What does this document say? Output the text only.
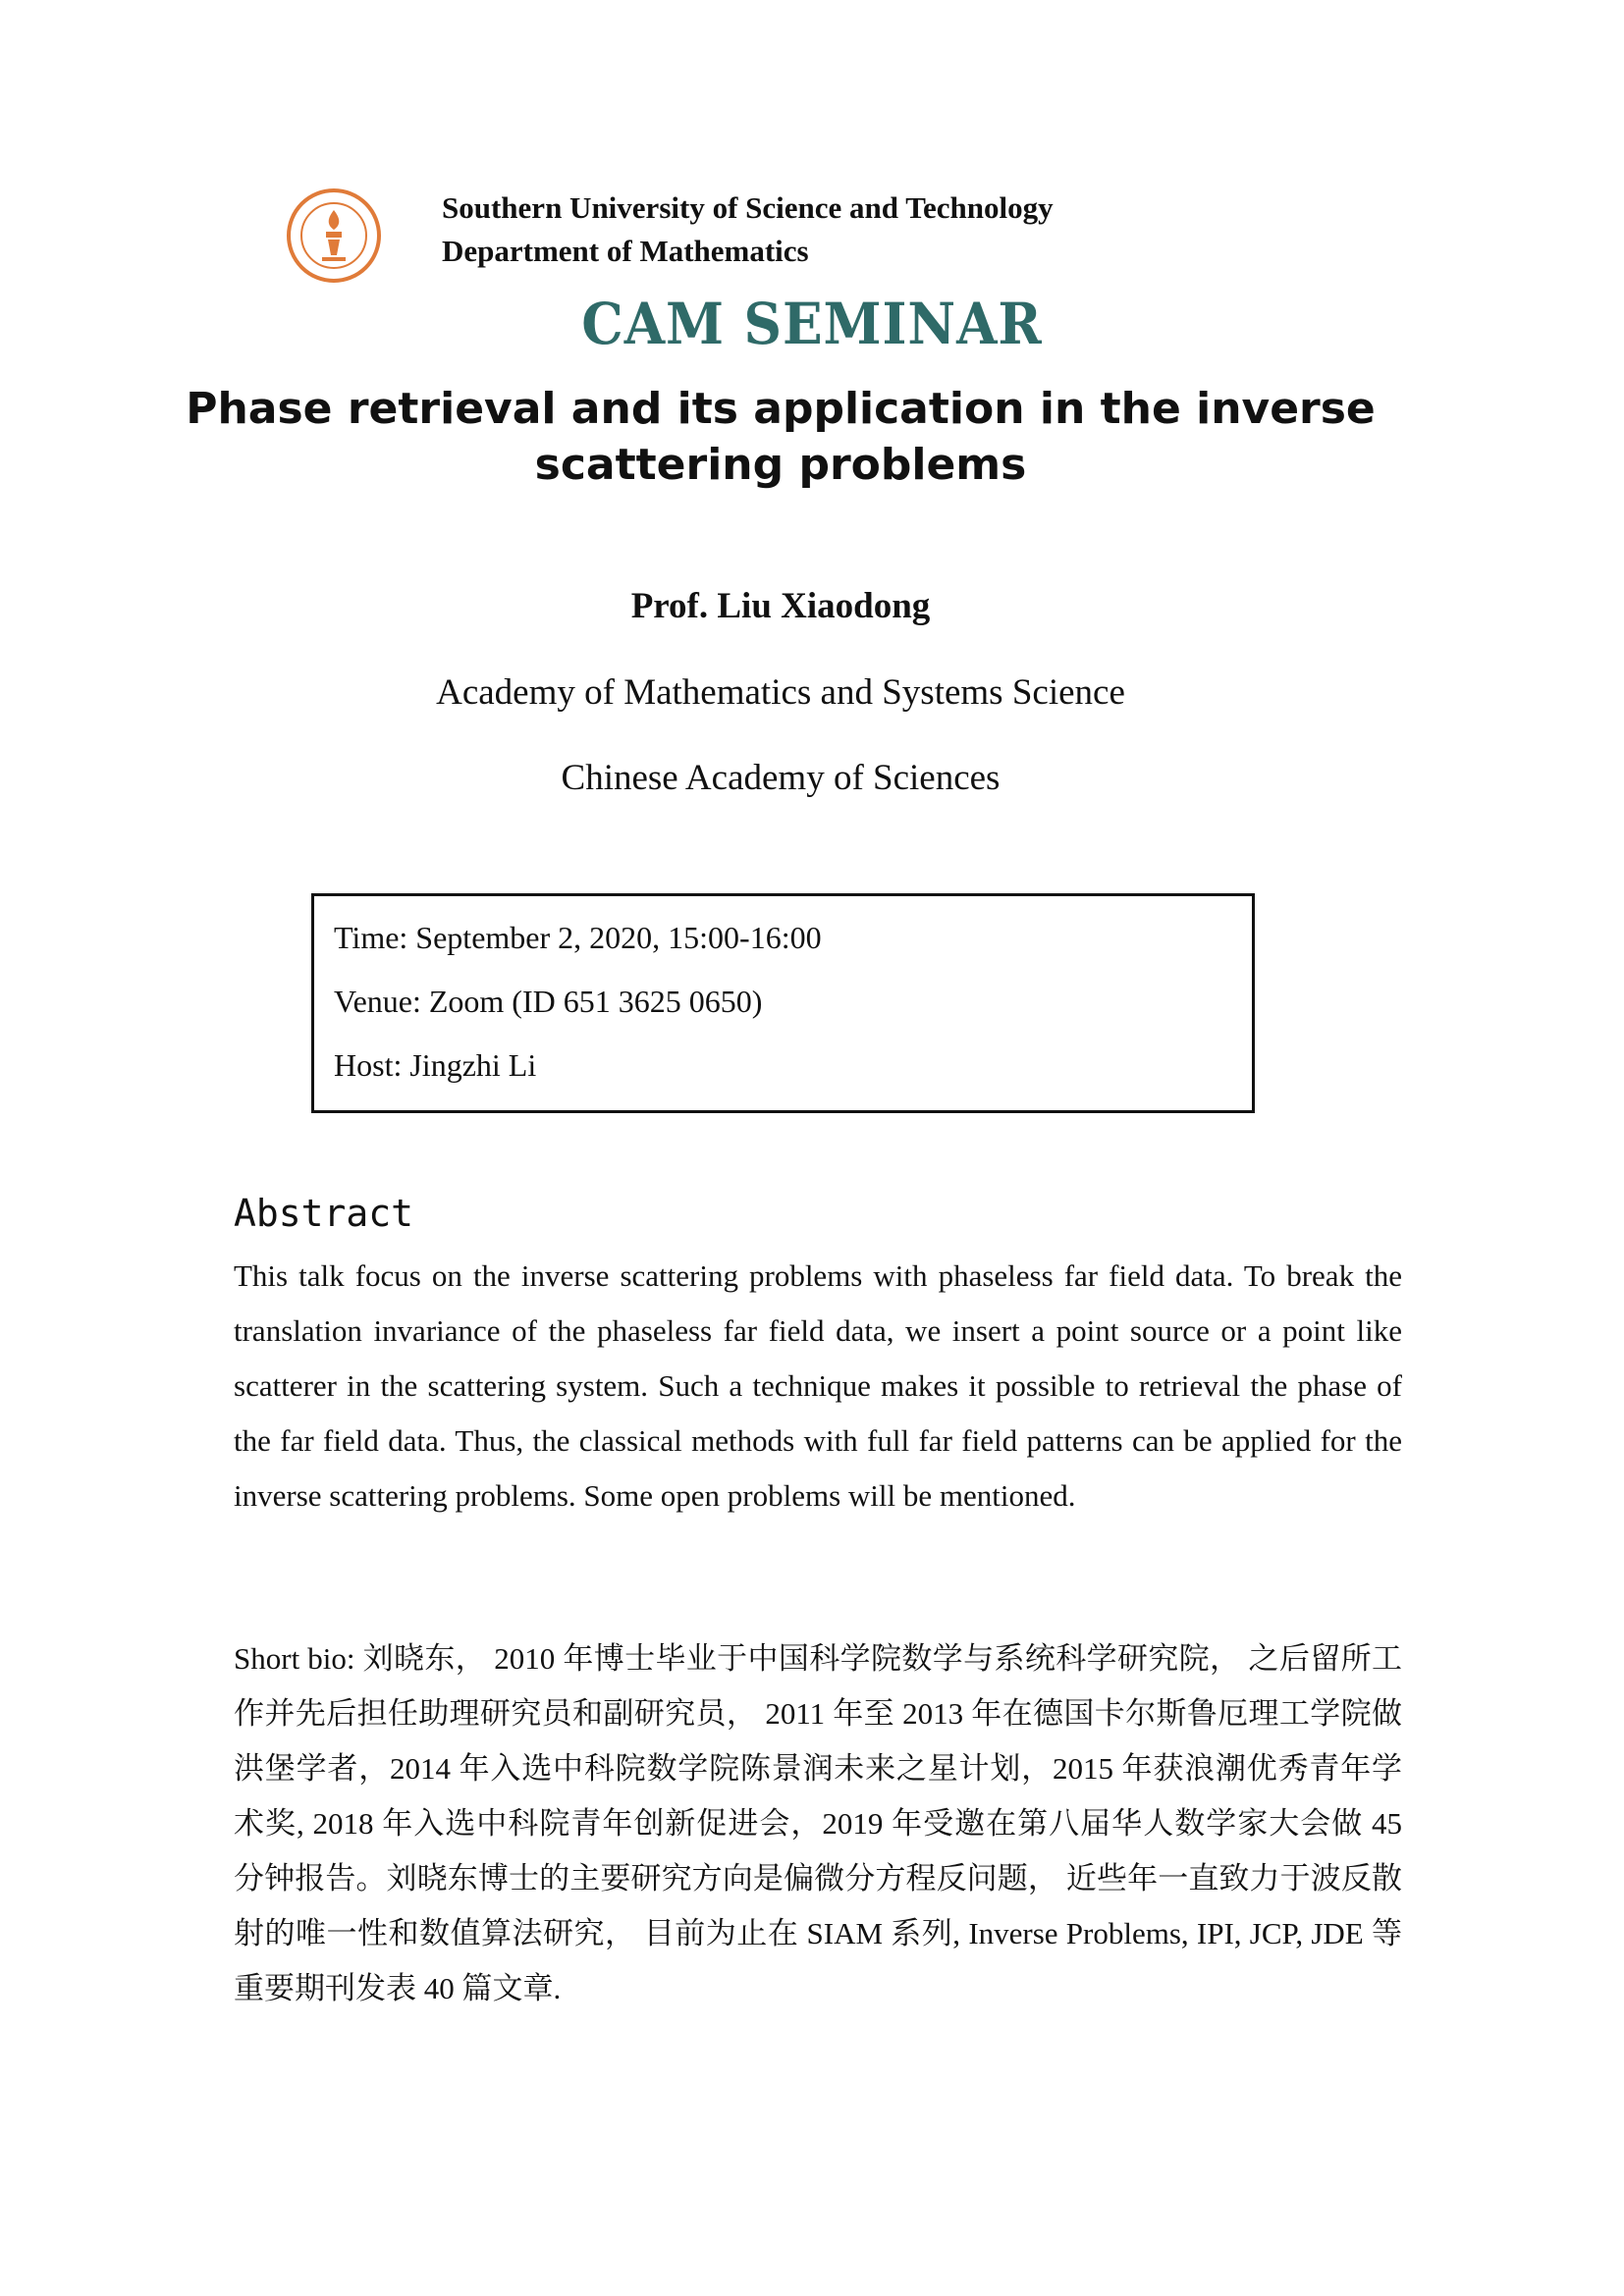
Southern University of Science and Technology
Department of Mathematics
CAM SEMINAR
Phase retrieval and its application in the inverse scattering problems
Prof. Liu Xiaodong
Academy of Mathematics and Systems Science
Chinese Academy of Sciences
Time: September 2, 2020, 15:00-16:00
Venue: Zoom (ID 651 3625 0650)
Host: Jingzhi Li
Abstract
This talk focus on the inverse scattering problems with phaseless far field data. To break the translation invariance of the phaseless far field data, we insert a point source or a point like scatterer in the scattering system. Such a technique makes it possible to retrieval the phase of the far field data. Thus, the classical methods with full far field patterns can be applied for the inverse scattering problems. Some open problems will be mentioned.
Short bio: 刘晓东， 2010 年博士毕业于中国科学院数学与系统科学研究院， 之后留所工作并先后担任助理研究员和副研究员， 2011 年至 2013 年在德国卡尔斯鲁厄理工学院做洪堡学者，2014 年入选中科院数学院陈景润未来之星计划，2015 年获浪潮优秀青年学术奖, 2018 年入选中科院青年创新促进会，2019 年受邀在第八届华人数学家大会做 45 分钟报告。刘晓东博士的主要研究方向是偏微分方程反问题， 近些年一直致力于波反散射的唯一性和数值算法研究， 目前为止在 SIAM 系列, Inverse Problems, IPI, JCP, JDE 等重要期刊发表 40 篇文章.
